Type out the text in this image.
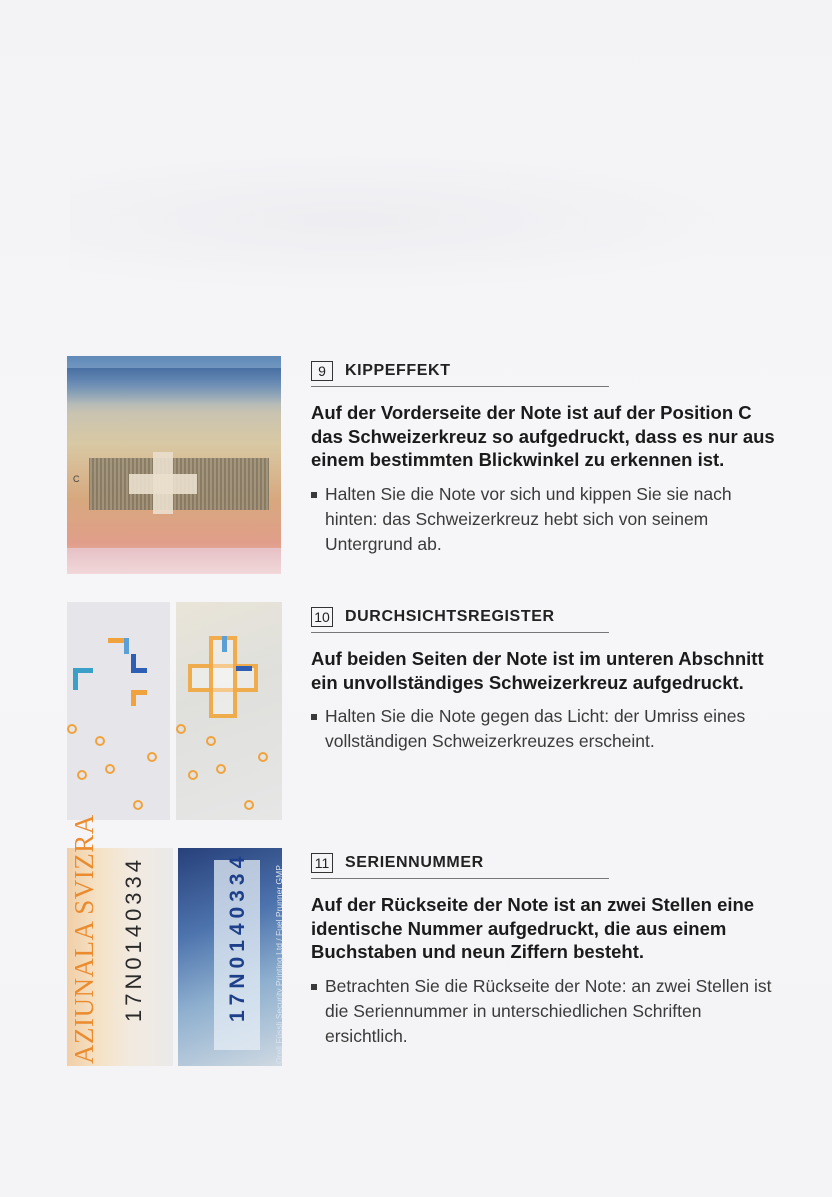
C
9	KIPPEFFEKT
Auf der Vorderseite der Note ist auf der Position C das Schweizerkreuz so aufgedruckt, dass es nur aus einem bestimmten Blickwinkel zu erkennen ist.
Halten Sie die Note vor sich und kippen Sie sie nach hinten: das Schweizerkreuz hebt sich von seinem Untergrund ab.
10 DURCHSICHTSREGISTER
Auf beiden Seiten der Note ist im unteren Abschnitt ein unvollständiges Schweizerkreuz aufgedruckt.
Halten Sie die Note gegen das Licht: der Umriss eines vollständigen Schweizerkreuzes erscheint.
AZIUNALA SVIZRA 17N0140334	17N0140334	Orell Füssli Security Printing Ltd / Fuel Prunner GMP
11 SERIENNUMMER
Auf der Rückseite der Note ist an zwei Stellen eine identische Nummer aufgedruckt, die aus einem Buchstaben und neun Ziffern besteht.
Betrachten Sie die Rückseite der Note: an zwei Stellen ist die Seriennummer in unterschiedlichen Schriften ersichtlich.
